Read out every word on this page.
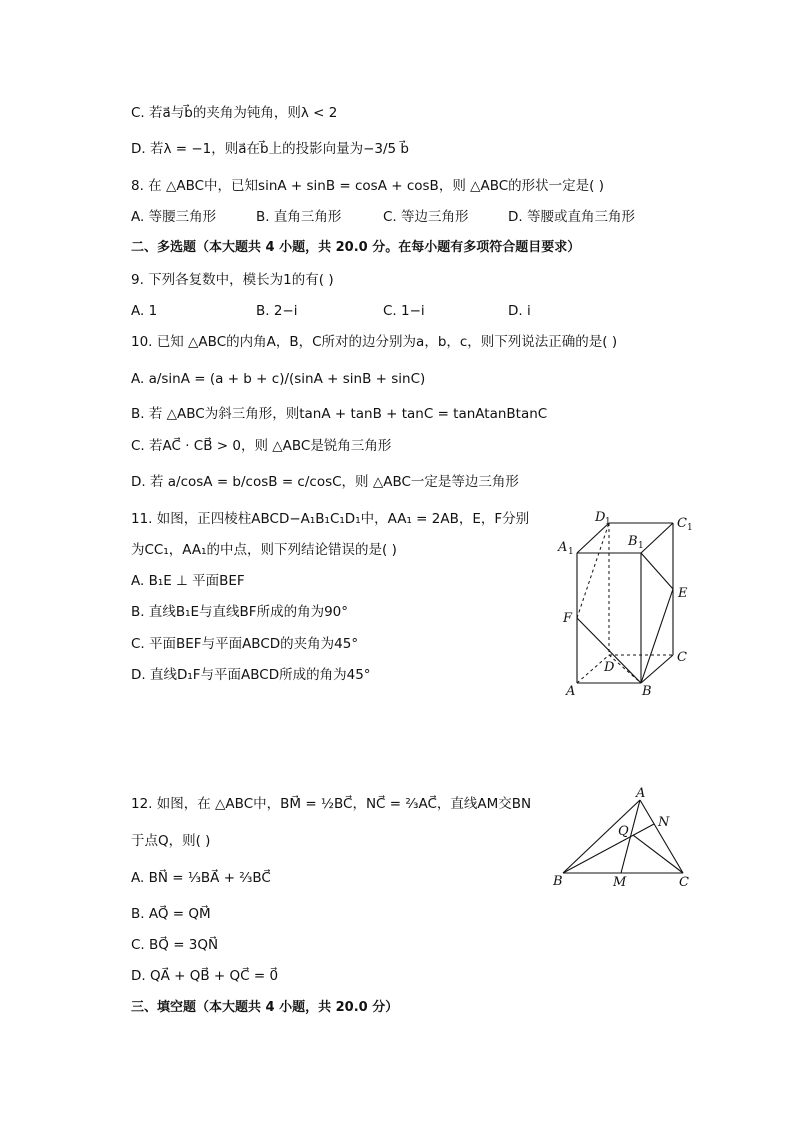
C. 若a⃗与b⃗的夹角为钝角，则λ < 2
D. 若λ = −1，则a⃗在b⃗上的投影向量为−3/5 b⃗
8. 在 △ABC中，已知sinA + sinB = cosA + cosB，则 △ABC的形状一定是( )
A. 等腰三角形	B. 直角三角形	C. 等边三角形	D. 等腰或直角三角形
二、多选题（本大题共 4 小题，共 20.0 分。在每小题有多项符合题目要求）
9. 下列各复数中，模长为1的有( )
A. 1	B. 2−i	C. 1−i	D. i
10. 已知 △ABC的内角A，B，C所对的边分别为a，b，c，则下列说法正确的是( )
A. a/sinA = (a + b + c)/(sinA + sinB + sinC)
B. 若 △ABC为斜三角形，则tanA + tanB + tanC = tanAtanBtanC
C. 若AC⃗ · CB⃗ > 0，则 △ABC是锐角三角形
D. 若 a/cosA = b/cosB = c/cosC，则 △ABC一定是等边三角形
11. 如图，正四棱柱ABCD−A₁B₁C₁D₁中，AA₁ = 2AB，E，F分别
为CC₁，AA₁的中点，则下列结论错误的是( )
A. B₁E ⊥ 平面BEF
B. 直线B₁E与直线BF所成的角为90°
C. 平面BEF与平面ABCD的夹角为45°
D. 直线D₁F与平面ABCD所成的角为45°
A	B
C
D
A 1
B 1
C 1
D 1
E
F
12. 如图，在 △ABC中，BM⃗ = ½BC⃗，NC⃗ = ⅔AC⃗，直线AM交BN
于点Q，则( )
A. BN⃗ = ⅓BA⃗ + ⅔BC⃗
B. AQ⃗ = QM⃗
C. BQ⃗ = 3QN⃗
D. QA⃗ + QB⃗ + QC⃗ = 0⃗
A
B	C
M
N
Q
三、填空题（本大题共 4 小题，共 20.0 分）
